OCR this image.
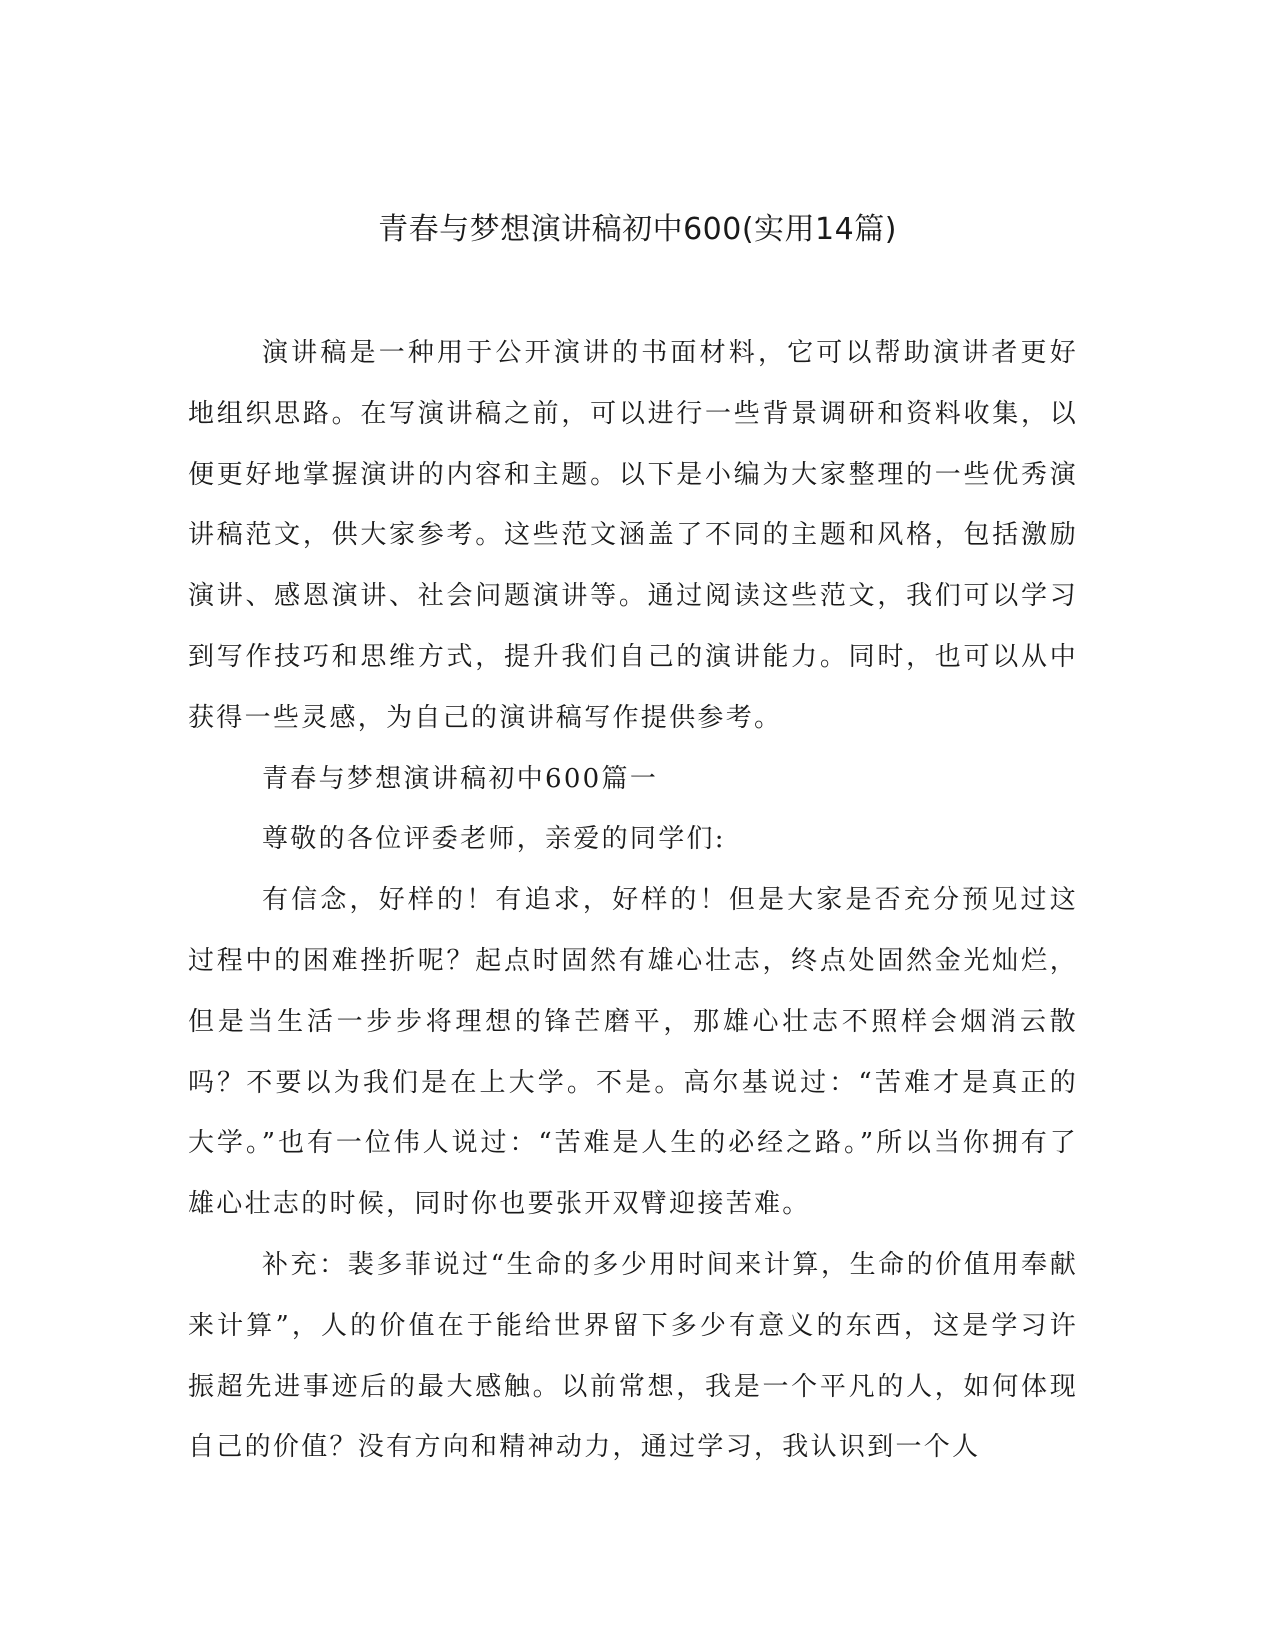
青春与梦想演讲稿初中600(实用14篇)

演讲稿是一种用于公开演讲的书面材料，它可以帮助演讲者更好地组织思路。在写演讲稿之前，可以进行一些背景调研和资料收集，以便更好地掌握演讲的内容和主题。以下是小编为大家整理的一些优秀演讲稿范文，供大家参考。这些范文涵盖了不同的主题和风格，包括激励演讲、感恩演讲、社会问题演讲等。通过阅读这些范文，我们可以学习到写作技巧和思维方式，提升我们自己的演讲能力。同时，也可以从中获得一些灵感，为自己的演讲稿写作提供参考。

青春与梦想演讲稿初中600篇一

尊敬的各位评委老师，亲爱的同学们:

有信念，好样的！有追求，好样的！但是大家是否充分预见过这过程中的困难挫折呢？起点时固然有雄心壮志，终点处固然金光灿烂，但是当生活一步步将理想的锋芒磨平，那雄心壮志不照样会烟消云散吗？不要以为我们是在上大学。不是。高尔基说过：“苦难才是真正的大学。”也有一位伟人说过：“苦难是人生的必经之路。”所以当你拥有了雄心壮志的时候，同时你也要张开双臂迎接苦难。

补充：裴多菲说过“生命的多少用时间来计算，生命的价值用奉献来计算”，人的价值在于能给世界留下多少有意义的东西，这是学习许振超先进事迹后的最大感触。以前常想，我是一个平凡的人，如何体现自己的价值？没有方向和精神动力，通过学习，我认识到一个人
